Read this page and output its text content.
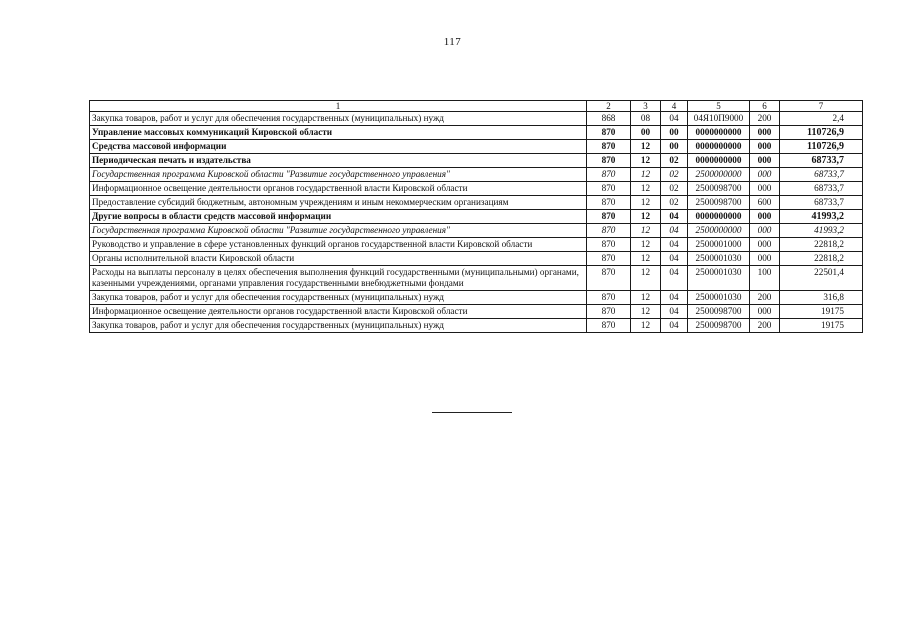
117
1	2	3	4	5	6	7
Закупка товаров, работ и услуг для обеспечения государственных (муниципальных) нужд	868	08	04	04Я10П9000	200	2,4
Управление массовых коммуникаций Кировской области	870	00	00	0000000000	000	110726,9
Средства массовой информации	870	12	00	0000000000	000	110726,9
Периодическая печать и издательства	870	12	02	0000000000	000	68733,7
Государственная программа Кировской области "Развитие государственного управления"	870	12	02	2500000000	000	68733,7
Информационное освещение деятельности органов государственной власти Кировской области	870	12	02	2500098700	000	68733,7
Предоставление субсидий бюджетным, автономным учреждениям и иным некоммерческим организациям	870	12	02	2500098700	600	68733,7
Другие вопросы в области средств массовой информации	870	12	04	0000000000	000	41993,2
Государственная программа Кировской области "Развитие государственного управления"	870	12	04	2500000000	000	41993,2
Руководство и управление в сфере установленных функций органов государственной власти Кировской области	870	12	04	2500001000	000	22818,2
Органы исполнительной власти Кировской области	870	12	04	2500001030	000	22818,2
Расходы на выплаты персоналу в целях обеспечения выполнения функций государственными (муниципальными) органами, казенными учреждениями, органами управления государственными внебюджетными фондами	870	12	04	2500001030	100	22501,4
Закупка товаров, работ и услуг для обеспечения государственных (муниципальных) нужд	870	12	04	2500001030	200	316,8
Информационное освещение деятельности органов государственной власти Кировской области	870	12	04	2500098700	000	19175
Закупка товаров, работ и услуг для обеспечения государственных (муниципальных) нужд	870	12	04	2500098700	200	19175
